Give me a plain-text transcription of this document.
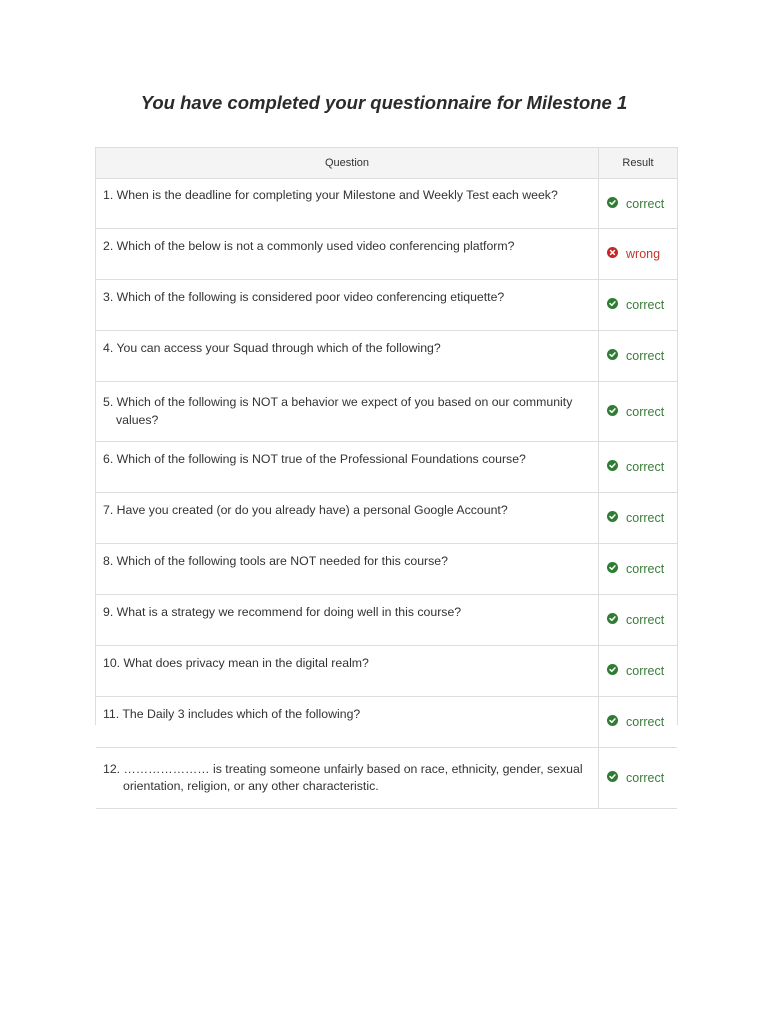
You have completed your questionnaire for Milestone 1
Question	Result

1. When is the deadline for completing your Milestone and Weekly Test each week?	correct

2. Which of the below is not a commonly used video conferencing platform?	wrong

3. Which of the following is considered poor video conferencing etiquette?	correct

4. You can access your Squad through which of the following?	correct

5. Which of the following is NOT a behavior we expect of you based on our community values?	correct

6. Which of the following is NOT true of the Professional Foundations course?	correct

7. Have you created (or do you already have) a personal Google Account?	correct

8. Which of the following tools are NOT needed for this course?	correct

9. What is a strategy we recommend for doing well in this course?	correct

10. What does privacy mean in the digital realm?	correct

11. The Daily 3 includes which of the following?	correct

12. ………………… is treating someone unfairly based on race, ethnicity, gender, sexual orientation, religion, or any other characteristic.	correct
